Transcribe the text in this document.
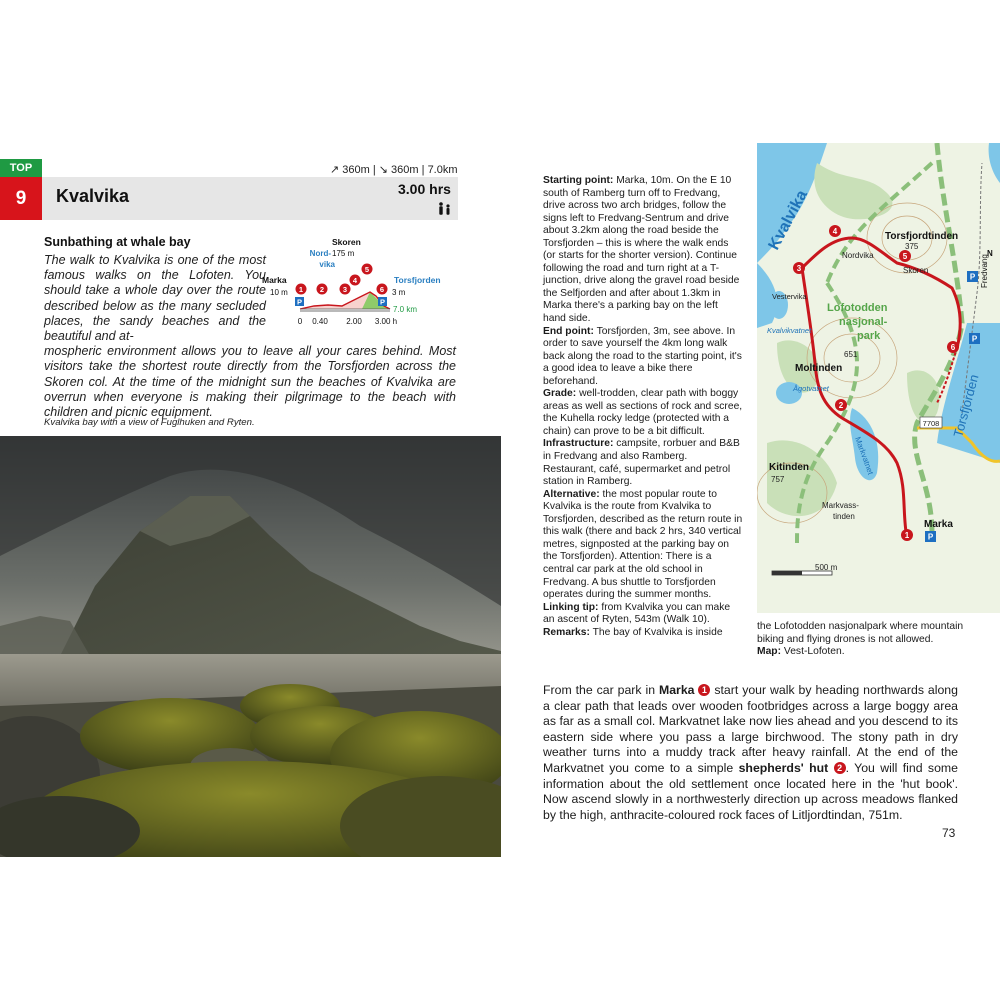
TOP
9	Kvalvika
↗ 360m | ↘ 360m | 7.0km
3.00 hrs
Sunbathing at whale bay
The walk to Kvalvika is one of the most famous walks on the Lofoten. You should take a whole day over the route described below as the many secluded places, the sandy beaches and the beautiful and at-
mospheric environment allows you to leave all your cares behind. Most visitors take the shortest route directly from the Torsfjorden across the Skoren col. At the time of the midnight sun the beaches of Kvalvika are overrun when everyone is making their pilgrimage to the beach with children and picnic equipment.
Skoren
175 m
Nord-
vika
Torsfjorden
3 m
Marka
10 m
P	P
1 2	3
4
5
6
7.0 km
0 0.40 2.00 3.00 h
Kvalvika bay with a view of Fuglhuken and Ryten.
Starting point: Marka, 10m. On the E 10 south of Ramberg turn off to Fredvang, drive across two arch bridges, follow the signs left to Fredvang-Sentrum and drive about 3.2km along the road beside the Torsfjorden – this is where the walk ends (or starts for the shorter version). Continue following the road and turn right at a T-junction, drive along the gravel road beside the Selfjorden and after about 1.3km in Marka there's a parking bay on the left hand side.
End point: Torsfjorden, 3m, see above. In order to save yourself the 4km long walk back along the road to the starting point, it's a good idea to leave a bike there beforehand.
Grade: well-trodden, clear path with boggy areas as well as sections of rock and scree, the Kuhella rocky ledge (protected with a chain) can prove to be a bit difficult.
Infrastructure: campsite, rorbuer and B&B in Fredvang and also Ramberg. Restaurant, café, supermarket and petrol station in Ramberg.
Alternative: the most popular route to Kvalvika is the route from Kvalvika to Torsfjorden, described as the return route in this walk (there and back 2 hrs, 340 vertical metres, signposted at the parking bay on the Torsfjorden). Attention: There is a central car park at the old school in Fredvang. A bus shuttle to Torsfjorden operates during the summer months.
Linking tip: from Kvalvika you can make an ascent of Ryten, 543m (Walk 10).
Remarks: The bay of Kvalvika is inside
500 m
Kvalvika
Nordvika
Torsfjordtinden
375
Skoren
Vestervika
Lofotodden
nasjonal-
park
Kvalvikvatnet
Moltinden
651
Ågotvatnet
7708 Torsfjorden
Markvatnet
Kitinden
757
Markvass-
tinden
Marka
Fredvang
N
P
P
P
1
2
3
4
5
6
the Lofotodden nasjonalpark where mountain biking and flying drones is not allowed.
Map: Vest-Lofoten.
From the car park in Marka 1 start your walk by heading northwards along a clear path that leads over wooden footbridges across a large boggy area as far as a small col. Markvatnet lake now lies ahead and you descend to its eastern side where you pass a large birchwood. The stony path in dry weather turns into a muddy track after heavy rainfall. At the end of the Markvatnet you come to a simple shepherds' hut 2 . You will find some information about the old settlement once located here in the 'hut book'. Now ascend slowly in a northwesterly direction up across meadows flanked by the high, anthracite-coloured rock faces of Litljordtindan, 751m.
73
